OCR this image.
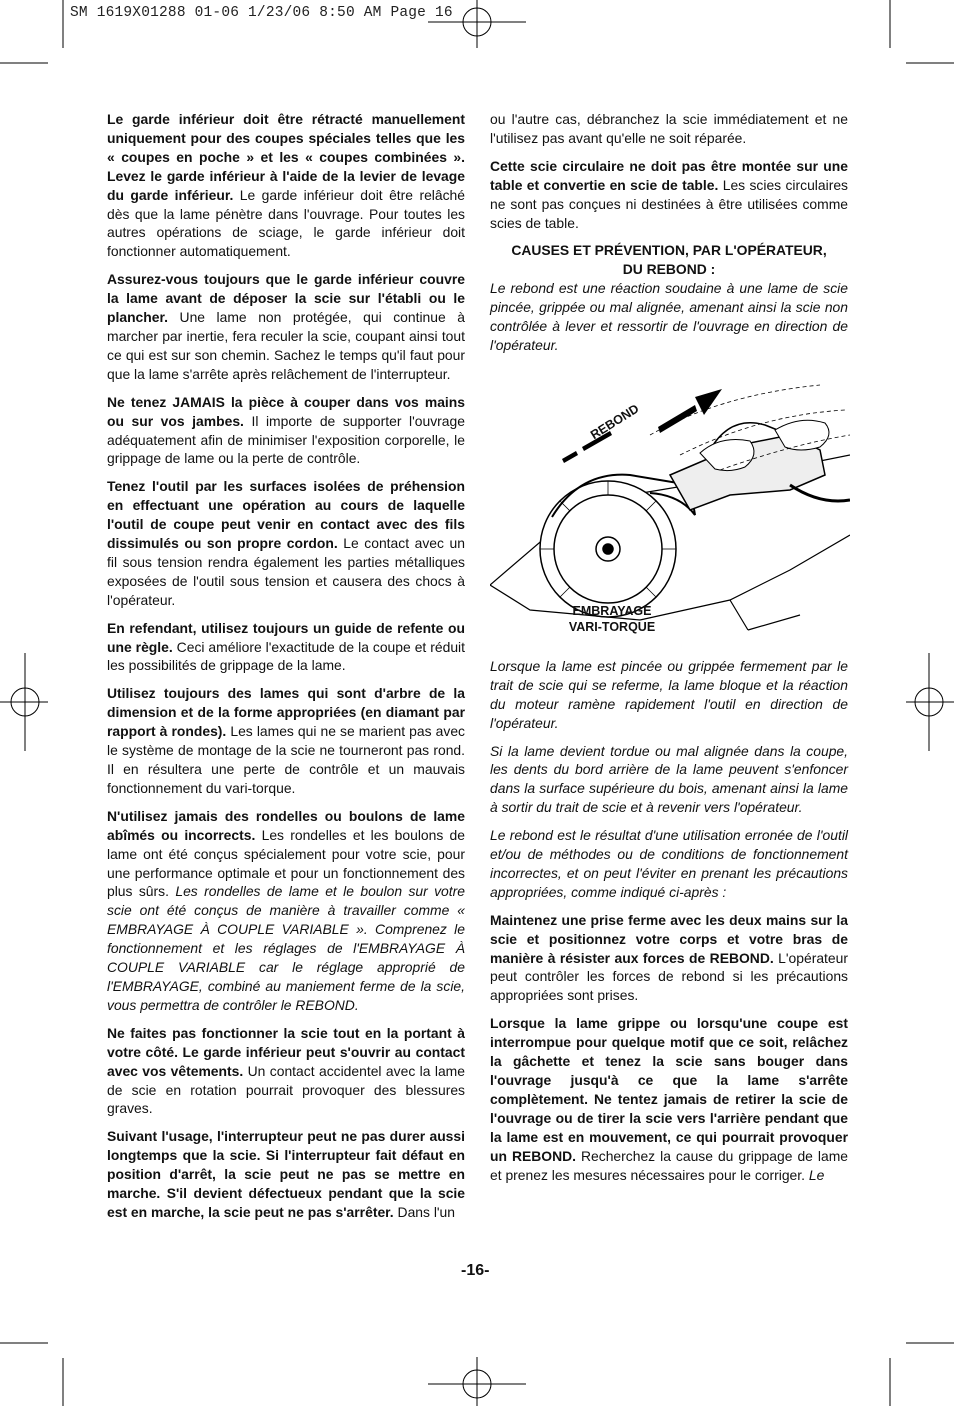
SM 1619X01288 01-06 1/23/06 8:50 AM Page 16

Le garde inférieur doit être rétracté manuellement uniquement pour des coupes spéciales telles que les « coupes en poche » et les « coupes combinées ». Levez le garde inférieur à l'aide de la levier de levage du garde inférieur. Le garde inférieur doit être relâché dès que la lame pénètre dans l'ouvrage. Pour toutes les autres opérations de sciage, le garde inférieur doit fonctionner automatiquement.

Assurez-vous toujours que le garde inférieur couvre la lame avant de déposer la scie sur l'établi ou le plancher. Une lame non protégée, qui continue à marcher par inertie, fera reculer la scie, coupant ainsi tout ce qui est sur son chemin. Sachez le temps qu'il faut pour que la lame s'arrête après relâchement de l'interrupteur.

Ne tenez JAMAIS la pièce à couper dans vos mains ou sur vos jambes. Il importe de supporter l'ouvrage adéquatement afin de minimiser l'exposition corporelle, le grippage de lame ou la perte de contrôle.

Tenez l'outil par les surfaces isolées de préhension en effectuant une opération au cours de laquelle l'outil de coupe peut venir en contact avec des fils dissimulés ou son propre cordon. Le contact avec un fil sous tension rendra également les parties métalliques exposées de l'outil sous tension et causera des chocs à l'opérateur.

En refendant, utilisez toujours un guide de refente ou une règle. Ceci améliore l'exactitude de la coupe et réduit les possibilités de grippage de la lame.

Utilisez toujours des lames qui sont d'arbre de la dimension et de la forme appropriées (en diamant par rapport à rondes). Les lames qui ne se marient pas avec le système de montage de la scie ne tourneront pas rond. Il en résultera une perte de contrôle et un mauvais fonctionnement du vari-torque.

N'utilisez jamais des rondelles ou boulons de lame abîmés ou incorrects. Les rondelles et les boulons de lame ont été conçus spécialement pour votre scie, pour une performance optimale et pour un fonctionnement des plus sûrs. Les rondelles de lame et le boulon sur votre scie ont été conçus de manière à travailler comme « EMBRAYAGE À COUPLE VARIABLE ». Comprenez le fonctionnement et les réglages de l'EMBRAYAGE À COUPLE VARIABLE car le réglage approprié de l'EMBRAYAGE, combiné au maniement ferme de la scie, vous permettra de contrôler le REBOND.

Ne faites pas fonctionner la scie tout en la portant à votre côté. Le garde inférieur peut s'ouvrir au contact avec vos vêtements. Un contact accidentel avec la lame de scie en rotation pourrait provoquer des blessures graves.

Suivant l'usage, l'interrupteur peut ne pas durer aussi longtemps que la scie. Si l'interrupteur fait défaut en position d'arrêt, la scie peut ne pas se mettre en marche. S'il devient défectueux pendant que la scie est en marche, la scie peut ne pas s'arrêter. Dans l'un

ou l'autre cas, débranchez la scie immédiatement et ne l'utilisez pas avant qu'elle ne soit réparée.

Cette scie circulaire ne doit pas être montée sur une table et convertie en scie de table. Les scies circulaires ne sont pas conçues ni destinées à être utilisées comme scies de table.

CAUSES ET PRÉVENTION, PAR L'OPÉRATEUR,
DU REBOND :

Le rebond est une réaction soudaine à une lame de scie pincée, grippée ou mal alignée, amenant ainsi la scie non contrôlée à lever et ressortir de l'ouvrage en direction de l'opérateur.

REBOND
EMBRAYAGE
VARI-TORQUE

Lorsque la lame est pincée ou grippée fermement par le trait de scie qui se referme, la lame bloque et la réaction du moteur ramène rapidement l'outil en direction de l'opérateur.

Si la lame devient tordue ou mal alignée dans la coupe, les dents du bord arrière de la lame peuvent s'enfoncer dans la surface supérieure du bois, amenant ainsi la lame à sortir du trait de scie et à revenir vers l'opérateur.

Le rebond est le résultat d'une utilisation erronée de l'outil et/ou de méthodes ou de conditions de fonctionnement incorrectes, et on peut l'éviter en prenant les précautions appropriées, comme indiqué ci-après :

Maintenez une prise ferme avec les deux mains sur la scie et positionnez votre corps et votre bras de manière à résister aux forces de REBOND. L'opérateur peut contrôler les forces de rebond si les précautions appropriées sont prises.

Lorsque la lame grippe ou lorsqu'une coupe est interrompue pour quelque motif que ce soit, relâchez la gâchette et tenez la scie sans bouger dans l'ouvrage jusqu'à ce que la lame s'arrête complètement. Ne tentez jamais de retirer la scie de l'ouvrage ou de tirer la scie vers l'arrière pendant que la lame est en mouvement, ce qui pourrait provoquer un REBOND. Recherchez la cause du grippage de lame et prenez les mesures nécessaires pour le corriger. Le

-16-
